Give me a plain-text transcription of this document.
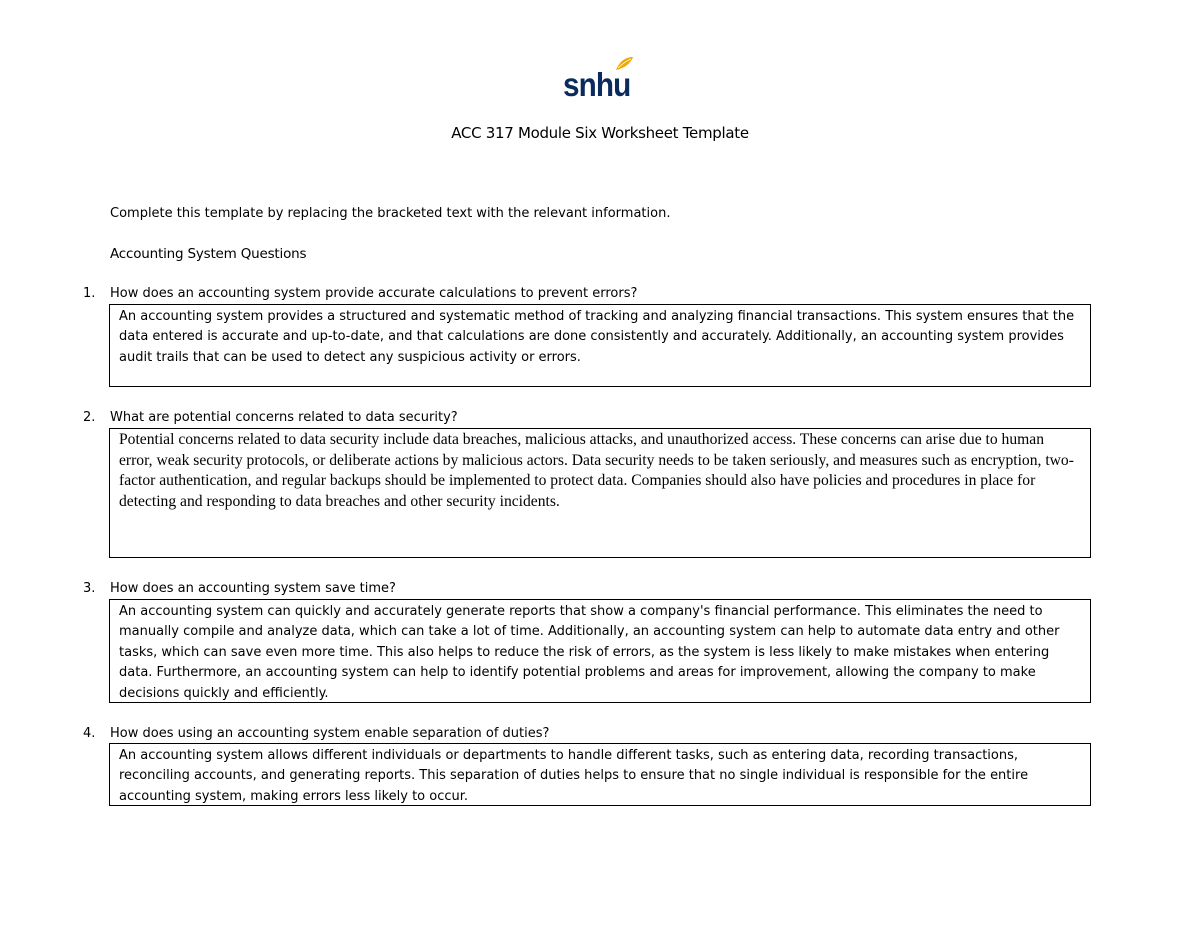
snhu
ACC 317 Module Six Worksheet Template
Complete this template by replacing the bracketed text with the relevant information.
Accounting System Questions
1. How does an accounting system provide accurate calculations to prevent errors?
An accounting system provides a structured and systematic method of tracking and analyzing financial transactions. This system ensures that the data entered is accurate and up-to-date, and that calculations are done consistently and accurately. Additionally, an accounting system provides audit trails that can be used to detect any suspicious activity or errors.
2. What are potential concerns related to data security?
Potential concerns related to data security include data breaches, malicious attacks, and unauthorized access. These concerns can arise due to human error, weak security protocols, or deliberate actions by malicious actors. Data security needs to be taken seriously, and measures such as encryption, two-factor authentication, and regular backups should be implemented to protect data. Companies should also have policies and procedures in place for detecting and responding to data breaches and other security incidents.
3. How does an accounting system save time?
An accounting system can quickly and accurately generate reports that show a company's financial performance. This eliminates the need to manually compile and analyze data, which can take a lot of time. Additionally, an accounting system can help to automate data entry and other tasks, which can save even more time. This also helps to reduce the risk of errors, as the system is less likely to make mistakes when entering data. Furthermore, an accounting system can help to identify potential problems and areas for improvement, allowing the company to make decisions quickly and efficiently.
4. How does using an accounting system enable separation of duties?
An accounting system allows different individuals or departments to handle different tasks, such as entering data, recording transactions, reconciling accounts, and generating reports. This separation of duties helps to ensure that no single individual is responsible for the entire accounting system, making errors less likely to occur.
